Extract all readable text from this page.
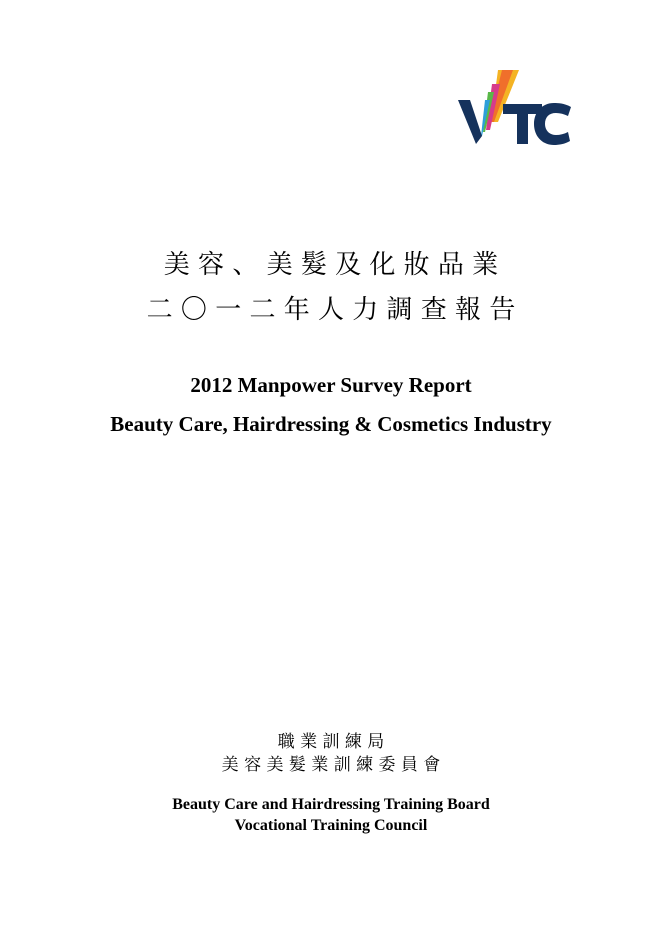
美 容 、 美 髮 及 化 妝 品 業
二 〇 一 二 年 人 力 調 查 報 告
2012 Manpower Survey Report
Beauty Care, Hairdressing & Cosmetics Industry
職 業 訓 練 局
美 容 美 髮 業 訓 練 委 員 會
Beauty Care and Hairdressing Training Board
Vocational Training Council
